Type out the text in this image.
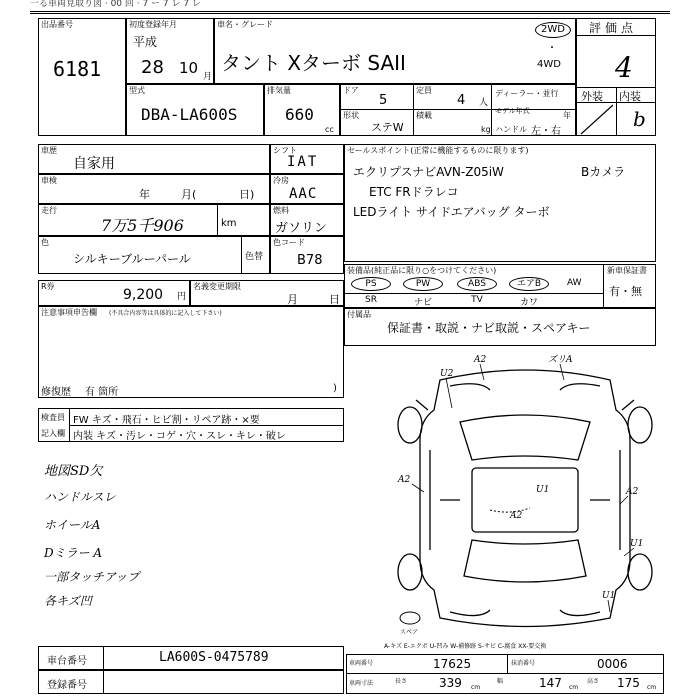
一る車両見取り図 · 00 回 · 7 ー 7 レ 7 レ
出品番号
6181
初度登録年月
平成
28 10 月
車名・グレード
タント Xターボ SAII
2WD
・
4WD
評価点
4
外装 内装
b
型式
DBA-LA600S
排気量
660
cc
ドア
5
定員
4 人
ディーラー・並行
形状
ステW
積載
kg
モデル年式	年
ハンドル 左・右
車歴
自家用
シフト
IAT
車検
年	月(	日)
冷房
AAC
走行
7万5千906	km
燃料
ガソリン
色
シルキーブルーパール	色替
色コード
B78
R券
9,200 円
名義変更期限
月	日
注意事項申告欄 (不具合内容等は具体的に記入して下さい)
修復歴 有 箇所	)
セールスポイント(正常に機能するものに限ります)
エクリプスナビAVN-Z05iW	Bカメラ
ETC FRドラレコ
LEDライト サイドエアバッグ ターボ
装備品(純正品に限り○をつけてください)	新車保証書
有・無
PS	PW	ABS	エアB	AW
SR	ナビ	TV	カワ
付属品
保証書・取説・ナビ取説・スペアキー
検査員
記入欄
FW キズ・飛石・ヒビ割・リペア跡・×要
内装 キズ・汚レ・コゲ・穴・スレ・キレ・破レ
地図SD欠
ハンドルスレ
ホイールA
Dミラー A
一部タッチアップ
各キズ凹
A2	ズリA
U2
A2
U1
A2
A2
U1
U1
スペア
A-キズ E-エクボ U-凹み W-補修跡 S-サビ C-腐食 XX-要交換
車台番号	LA600S-0475789
登録番号
車両番号	17625	抹消番号	0006
車両寸法	長さ	339 cm
幅	147 cm
高さ 175 cm
